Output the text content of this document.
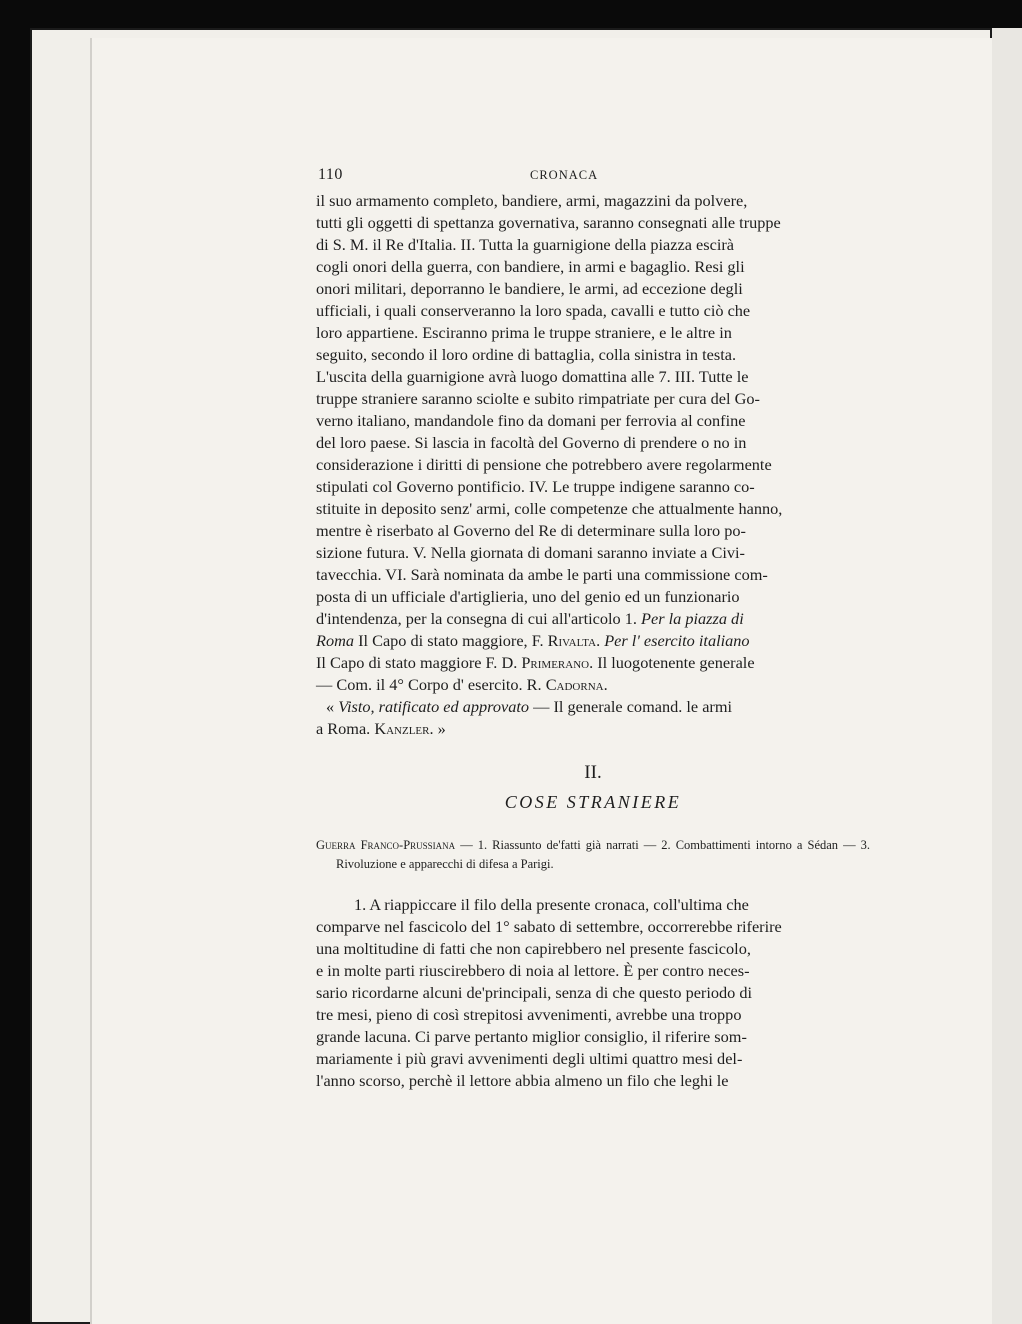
110	CRONACA

il suo armamento completo, bandiere, armi, magazzini da polvere,

tutti gli oggetti di spettanza governativa, saranno consegnati alle truppe

di S. M. il Re d'Italia. II. Tutta la guarnigione della piazza escirà

cogli onori della guerra, con bandiere, in armi e bagaglio. Resi gli

onori militari, deporranno le bandiere, le armi, ad eccezione degli

ufficiali, i quali conserveranno la loro spada, cavalli e tutto ciò che

loro appartiene. Esciranno prima le truppe straniere, e le altre in

seguito, secondo il loro ordine di battaglia, colla sinistra in testa.

L'uscita della guarnigione avrà luogo domattina alle 7. III. Tutte le

truppe straniere saranno sciolte e subito rimpatriate per cura del Go-

verno italiano, mandandole fino da domani per ferrovia al confine

del loro paese. Si lascia in facoltà del Governo di prendere o no in

considerazione i diritti di pensione che potrebbero avere regolarmente

stipulati col Governo pontificio. IV. Le truppe indigene saranno co-

stituite in deposito senz' armi, colle competenze che attualmente hanno,

mentre è riserbato al Governo del Re di determinare sulla loro po-

sizione futura. V. Nella giornata di domani saranno inviate a Civi-

tavecchia. VI. Sarà nominata da ambe le parti una commissione com-

posta di un ufficiale d'artiglieria, uno del genio ed un funzionario

d'intendenza, per la consegna di cui all'articolo 1. Per la piazza di

Roma Il Capo di stato maggiore, F. Rivalta. Per l' esercito italiano

Il Capo di stato maggiore F. D. Primerano. Il luogotenente generale

— Com. il 4° Corpo d' esercito. R. Cadorna.

« Visto, ratificato ed approvato — Il generale comand. le armi

a Roma. Kanzler. »

II.
COSE STRANIERE
Guerra Franco-Prussiana — 1. Riassunto de'fatti già narrati — 2. Combattimenti intorno a Sédan — 3. Rivoluzione e apparecchi di difesa a Parigi.

1. A riappiccare il filo della presente cronaca, coll'ultima che

comparve nel fascicolo del 1° sabato di settembre, occorrerebbe riferire

una moltitudine di fatti che non capirebbero nel presente fascicolo,

e in molte parti riuscirebbero di noia al lettore. È per contro neces-

sario ricordarne alcuni de'principali, senza di che questo periodo di

tre mesi, pieno di così strepitosi avvenimenti, avrebbe una troppo

grande lacuna. Ci parve pertanto miglior consiglio, il riferire som-

mariamente i più gravi avvenimenti degli ultimi quattro mesi del-

l'anno scorso, perchè il lettore abbia almeno un filo che leghi le
